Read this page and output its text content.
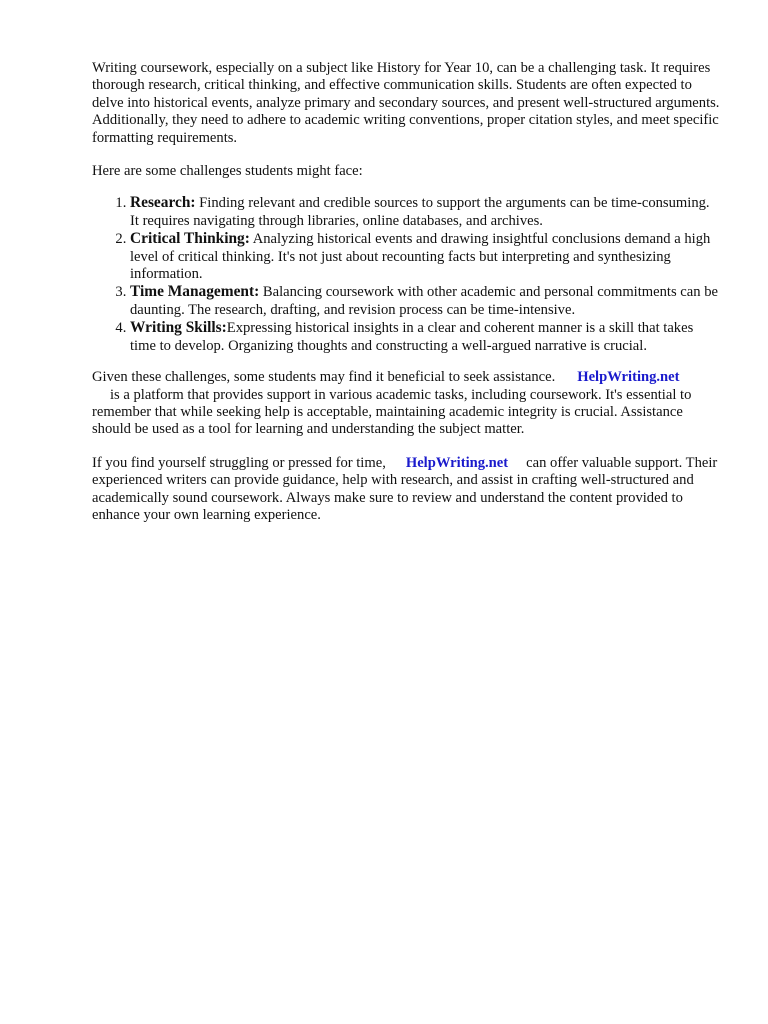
Writing coursework, especially on a subject like History for Year 10, can be a challenging task. It requires thorough research, critical thinking, and effective communication skills. Students are often expected to delve into historical events, analyze primary and secondary sources, and present well-structured arguments. Additionally, they need to adhere to academic writing conventions, proper citation styles, and meet specific formatting requirements.

Here are some challenges students might face:

1. Research: Finding relevant and credible sources to support the arguments can be time-consuming. It requires navigating through libraries, online databases, and archives.
2. Critical Thinking: Analyzing historical events and drawing insightful conclusions demand a high level of critical thinking. It's not just about recounting facts but interpreting and synthesizing information.
3. Time Management: Balancing coursework with other academic and personal commitments can be daunting. The research, drafting, and revision process can be time-intensive.
4. Writing Skills:Expressing historical insights in a clear and coherent manner is a skill that takes time to develop. Organizing thoughts and constructing a well-argued narrative is crucial.

Given these challenges, some students may find it beneficial to seek assistance. HelpWriting.net
is a platform that provides support in various academic tasks, including coursework. It's essential to remember that while seeking help is acceptable, maintaining academic integrity is crucial. Assistance should be used as a tool for learning and understanding the subject matter.

If you find yourself struggling or pressed for time, HelpWriting.net can offer valuable support. Their experienced writers can provide guidance, help with research, and assist in crafting well-structured and academically sound coursework. Always make sure to review and understand the content provided to enhance your own learning experience.
